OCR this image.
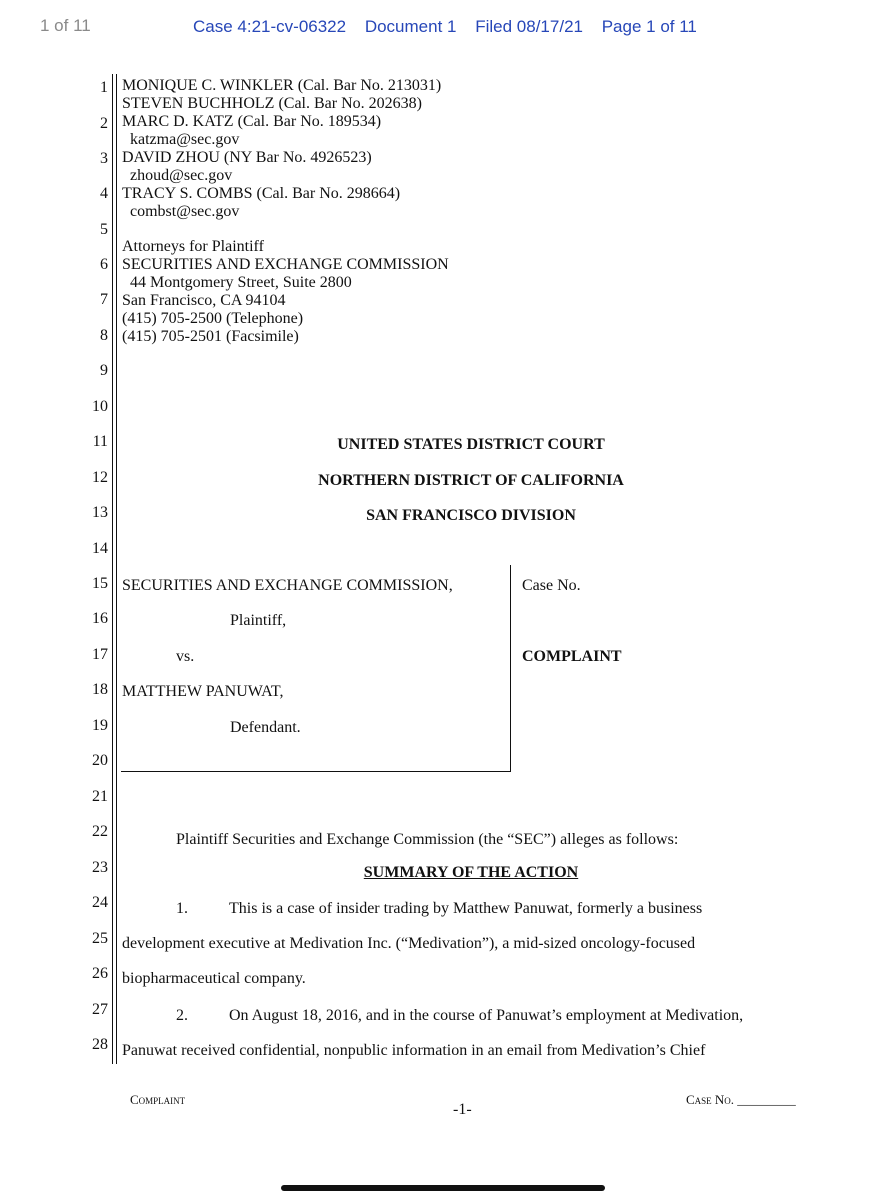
1 of 11	Case 4:21-cv-06322 Document 1 Filed 08/17/21 Page 1 of 11
1
2
3
4
5
6
7
8
9
10
11
12
13
14
15
16
17
18
19
20
21
22
23
24
25
26
27
28
MONIQUE C. WINKLER (Cal. Bar No. 213031)
STEVEN BUCHHOLZ (Cal. Bar No. 202638)
MARC D. KATZ (Cal. Bar No. 189534)
katzma@sec.gov
DAVID ZHOU (NY Bar No. 4926523)
zhoud@sec.gov
TRACY S. COMBS (Cal. Bar No. 298664)
combst@sec.gov
Attorneys for Plaintiff
SECURITIES AND EXCHANGE COMMISSION
44 Montgomery Street, Suite 2800
San Francisco, CA 94104
(415) 705-2500 (Telephone)
(415) 705-2501 (Facsimile)
UNITED STATES DISTRICT COURT
NORTHERN DISTRICT OF CALIFORNIA
SAN FRANCISCO DIVISION
SECURITIES AND EXCHANGE COMMISSION,
Plaintiff,
vs.
MATTHEW PANUWAT,
Defendant.
Case No.
COMPLAINT
Plaintiff Securities and Exchange Commission (the “SEC”) alleges as follows:
SUMMARY OF THE ACTION
1.	This is a case of insider trading by Matthew Panuwat, formerly a business
development executive at Medivation Inc. (“Medivation”), a mid-sized oncology-focused
biopharmaceutical company.
2.	On August 18, 2016, and in the course of Panuwat’s employment at Medivation,
Panuwat received confidential, nonpublic information in an email from Medivation’s Chief
Complaint
-1-
Case No. _________
